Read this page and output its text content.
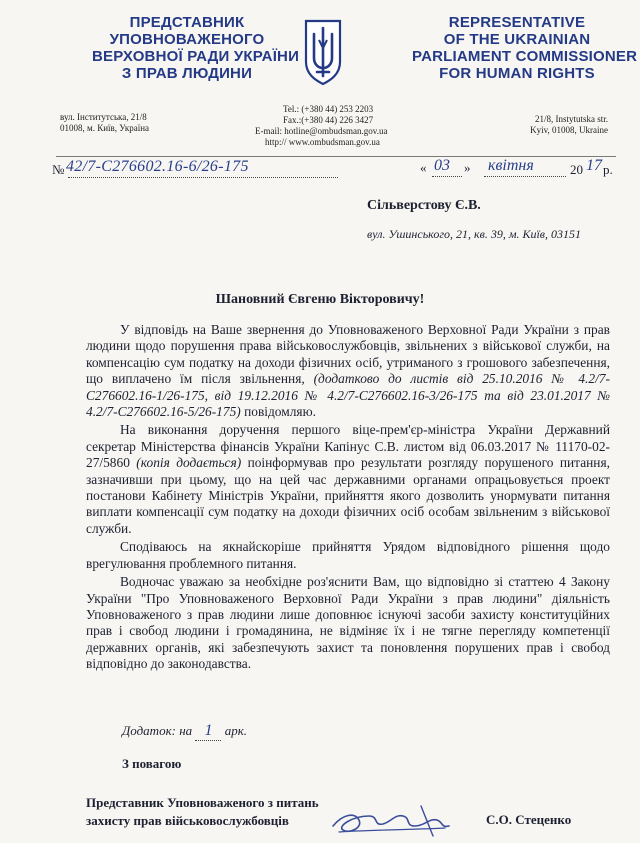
ПРЕДСТАВНИК
УПОВНОВАЖЕНОГО
ВЕРХОВНОЇ РАДИ УКРАЇНИ
З ПРАВ ЛЮДИНИ
REPRESENTATIVE
OF THE UKRAINIAN
PARLIAMENT COMMISSIONER
FOR HUMAN RIGHTS
вул. Інститутська, 21/8
01008, м. Київ, Україна
Tel.: (+380 44) 253 2203
Fax.:(+380 44) 226 3427
E-mail: hotline@ombudsman.gov.ua
http:// www.ombudsman.gov.ua
21/8, Instytutska str.
Kyiv, 01008, Ukraine
№ 42/7-С276602.16-6/26-175	« 03 » квітня	20 17 р.
Сільверстову Є.В.
вул. Ушинського, 21, кв. 39, м. Київ, 03151
Шановний Євгеню Вікторовичу!

У відповідь на Ваше звернення до Уповноваженого Верховної Ради України з прав людини щодо порушення права військовослужбовців, звільнених з військової служби, на компенсацію сум податку на доходи фізичних осіб, утриманого з грошового забезпечення, що виплачено їм після звільнення, (додатково до листів від 25.10.2016 № 4.2/7-С276602.16-1/26-175, від 19.12.2016 № 4.2/7-С276602.16-3/26-175 та від 23.01.2017 № 4.2/7-С276602.16-5/26-175) повідомляю.

На виконання доручення першого віце-прем'єр-міністра України Державний секретар Міністерства фінансів України Капінус С.В. листом від 06.03.2017 № 11170-02-27/5860 (копія додається) поінформував про результати розгляду порушеного питання, зазначивши при цьому, що на цей час державними органами опрацьовується проект постанови Кабінету Міністрів України, прийняття якого дозволить унормувати питання виплати компенсації сум податку на доходи фізичних осіб особам звільненим з військової служби.

Сподіваюсь на якнайскоріше прийняття Урядом відповідного рішення щодо врегулювання проблемного питання.

Водночас уважаю за необхідне роз'яснити Вам, що відповідно зі статтею 4 Закону України "Про Уповноваженого Верховної Ради України з прав людини" діяльність Уповноваженого з прав людини лише доповнює існуючі засоби захисту конституційних прав і свобод людини і громадянина, не відміняє їх і не тягне перегляду компетенції державних органів, які забезпечують захист та поновлення порушених прав і свобод відповідно до законодавства.

Додаток: на 1 арк.
З повагою
Представник Уповноваженого з питань
захисту прав військовослужбовців	С.О. Стеценко
